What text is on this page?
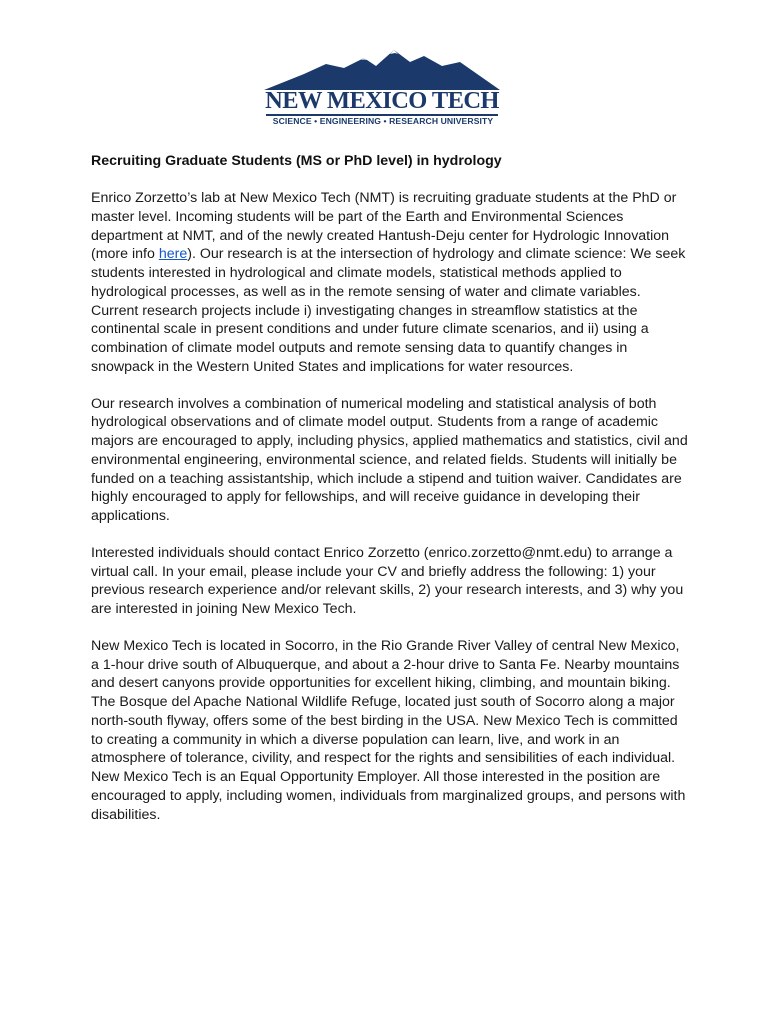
NEW MEXICO TECH
SCIENCE • ENGINEERING • RESEARCH UNIVERSITY

Recruiting Graduate Students (MS or PhD level) in hydrology

Enrico Zorzetto’s lab at New Mexico Tech (NMT) is recruiting graduate students at the PhD or master level. Incoming students will be part of the Earth and Environmental Sciences department at NMT, and of the newly created Hantush-Deju center for Hydrologic Innovation (more info here). Our research is at the intersection of hydrology and climate science: We seek students interested in hydrological and climate models, statistical methods applied to hydrological processes, as well as in the remote sensing of water and climate variables. Current research projects include i) investigating changes in streamflow statistics at the continental scale in present conditions and under future climate scenarios, and ii) using a combination of climate model outputs and remote sensing data to quantify changes in snowpack in the Western United States and implications for water resources.

Our research involves a combination of numerical modeling and statistical analysis of both hydrological observations and of climate model output. Students from a range of academic majors are encouraged to apply, including physics, applied mathematics and statistics, civil and environmental engineering, environmental science, and related fields. Students will initially be funded on a teaching assistantship, which include a stipend and tuition waiver. Candidates are highly encouraged to apply for fellowships, and will receive guidance in developing their applications.

Interested individuals should contact Enrico Zorzetto (enrico.zorzetto@nmt.edu) to arrange a virtual call. In your email, please include your CV and briefly address the following: 1) your previous research experience and/or relevant skills, 2) your research interests, and 3) why you are interested in joining New Mexico Tech.

New Mexico Tech is located in Socorro, in the Rio Grande River Valley of central New Mexico, a 1-hour drive south of Albuquerque, and about a 2-hour drive to Santa Fe. Nearby mountains and desert canyons provide opportunities for excellent hiking, climbing, and mountain biking. The Bosque del Apache National Wildlife Refuge, located just south of Socorro along a major north-south flyway, offers some of the best birding in the USA. New Mexico Tech is committed to creating a community in which a diverse population can learn, live, and work in an atmosphere of tolerance, civility, and respect for the rights and sensibilities of each individual. New Mexico Tech is an Equal Opportunity Employer. All those interested in the position are encouraged to apply, including women, individuals from marginalized groups, and persons with disabilities.
